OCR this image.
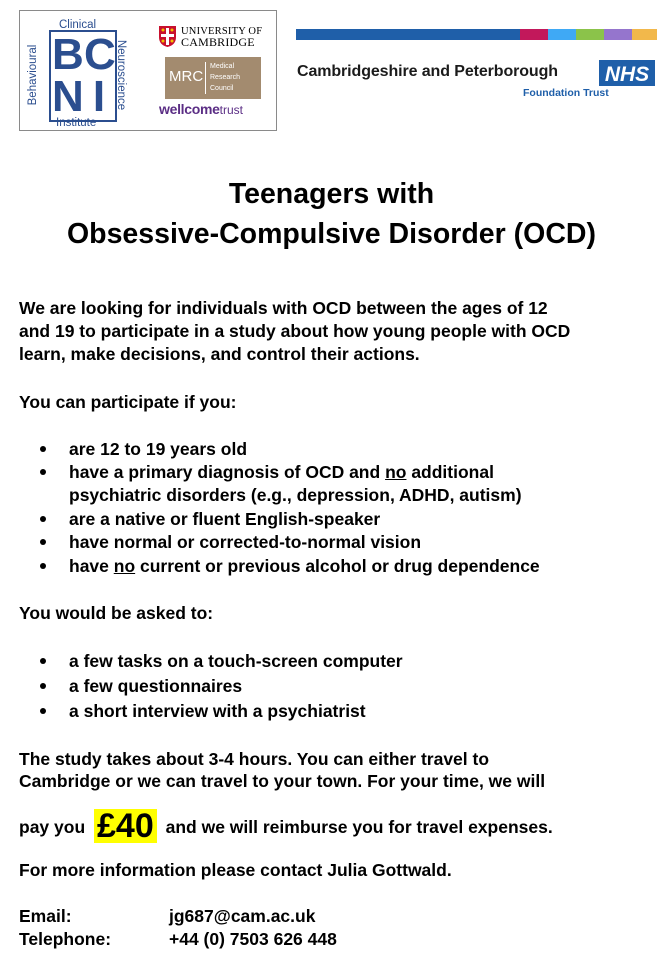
Clinical
Behavioural	Neuroscience
Institute
B C
N I
UNIVERSITY OF
CAMBRIDGE
MRC
Medical
Research
Council
wellcometrust
Cambridgeshire and Peterborough
Foundation Trust
NHS
Teenagers with
Obsessive-Compulsive Disorder (OCD)
We are looking for individuals with OCD between the ages of 12
and 19 to participate in a study about how young people with OCD
learn, make decisions, and control their actions.
You can participate if you:
are 12 to 19 years old
have a primary diagnosis of OCD and no additional
psychiatric disorders (e.g., depression, ADHD, autism)
are a native or fluent English-speaker
have normal or corrected-to-normal vision
have no current or previous alcohol or drug dependence
You would be asked to:
a few tasks on a touch-screen computer
a few questionnaires
a short interview with a psychiatrist
The study takes about 3-4 hours. You can either travel to
Cambridge or we can travel to your town. For your time, we will
pay you £40 and we will reimburse you for travel expenses.
For more information please contact Julia Gottwald.
Email:	jg687@cam.ac.uk
Telephone:	+44 (0) 7503 626 448
